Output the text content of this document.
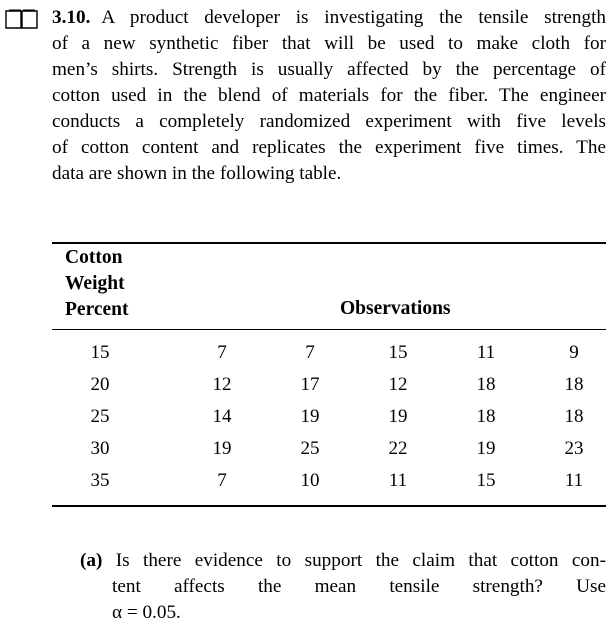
3.10. A product developer is investigating the tensile strength
of a new synthetic fiber that will be used to make cloth for
men’s shirts. Strength is usually affected by the percentage of
cotton used in the blend of materials for the fiber. The engineer
conducts a completely randomized experiment with five levels
of cotton content and replicates the experiment five times. The
data are shown in the following table.
Cotton
Weight
Percent	Observations
15	7	7	15	11	9
20	12	17	12	18	18
25	14	19	19	18	18
30	19	25	22	19	23
35	7	10	11	15	11
(a) Is there evidence to support the claim that cotton con-
tent affects the mean tensile strength? Use
α = 0.05.
